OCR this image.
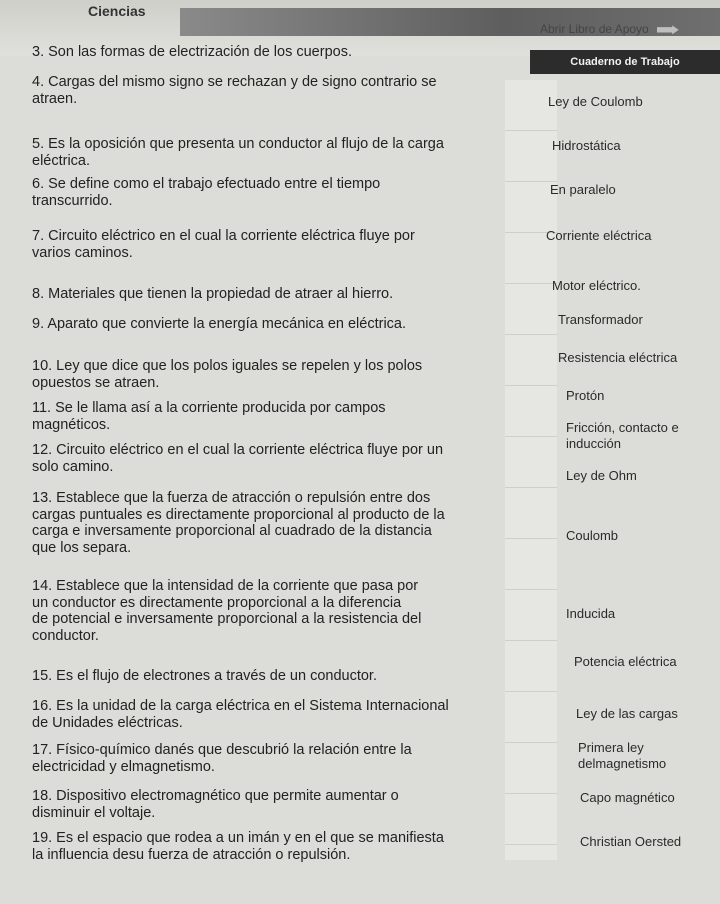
Ciencias
Abrir Libro de Apoyo
Cuaderno de Trabajo
3. Son las formas de electrización de los cuerpos.
4. Cargas del mismo signo se rechazan y de signo contrario se
atraen.
5. Es la oposición que presenta un conductor al flujo de la carga
eléctrica.
6. Se define como el trabajo efectuado entre el tiempo
transcurrido.
7. Circuito eléctrico en el cual la corriente eléctrica fluye por
varios caminos.
8. Materiales que tienen la propiedad de atraer al hierro.
9. Aparato que convierte la energía mecánica en eléctrica.
10. Ley que dice que los polos iguales se repelen y los polos
opuestos se atraen.
11. Se le llama así a la corriente producida por campos
magnéticos.
12. Circuito eléctrico en el cual la corriente eléctrica fluye por un
solo camino.
13. Establece que la fuerza de atracción o repulsión entre dos
cargas puntuales es directamente proporcional al producto de la
carga e inversamente proporcional al cuadrado de la distancia
que los separa.
14. Establece que la intensidad de la corriente que pasa por
un conductor es directamente proporcional a la diferencia
de potencial e inversamente proporcional a la resistencia del
conductor.
15. Es el flujo de electrones a través de un conductor.
16. Es la unidad de la carga eléctrica en el Sistema Internacional
de Unidades eléctricas.
17. Físico-químico danés que descubrió la relación entre la
electricidad y elmagnetismo.
18. Dispositivo electromagnético que permite aumentar o
disminuir el voltaje.
19. Es el espacio que rodea a un imán y en el que se manifiesta
la influencia desu fuerza de atracción o repulsión.
Ley de Coulomb
Hidrostática
En paralelo
Corriente eléctrica
Motor eléctrico.
Transformador
Resistencia eléctrica
Protón
Fricción, contacto e
inducción
Ley de Ohm
Coulomb
Inducida
Potencia eléctrica
Ley de las cargas
Primera ley
delmagnetismo
Capo magnético
Christian Oersted
